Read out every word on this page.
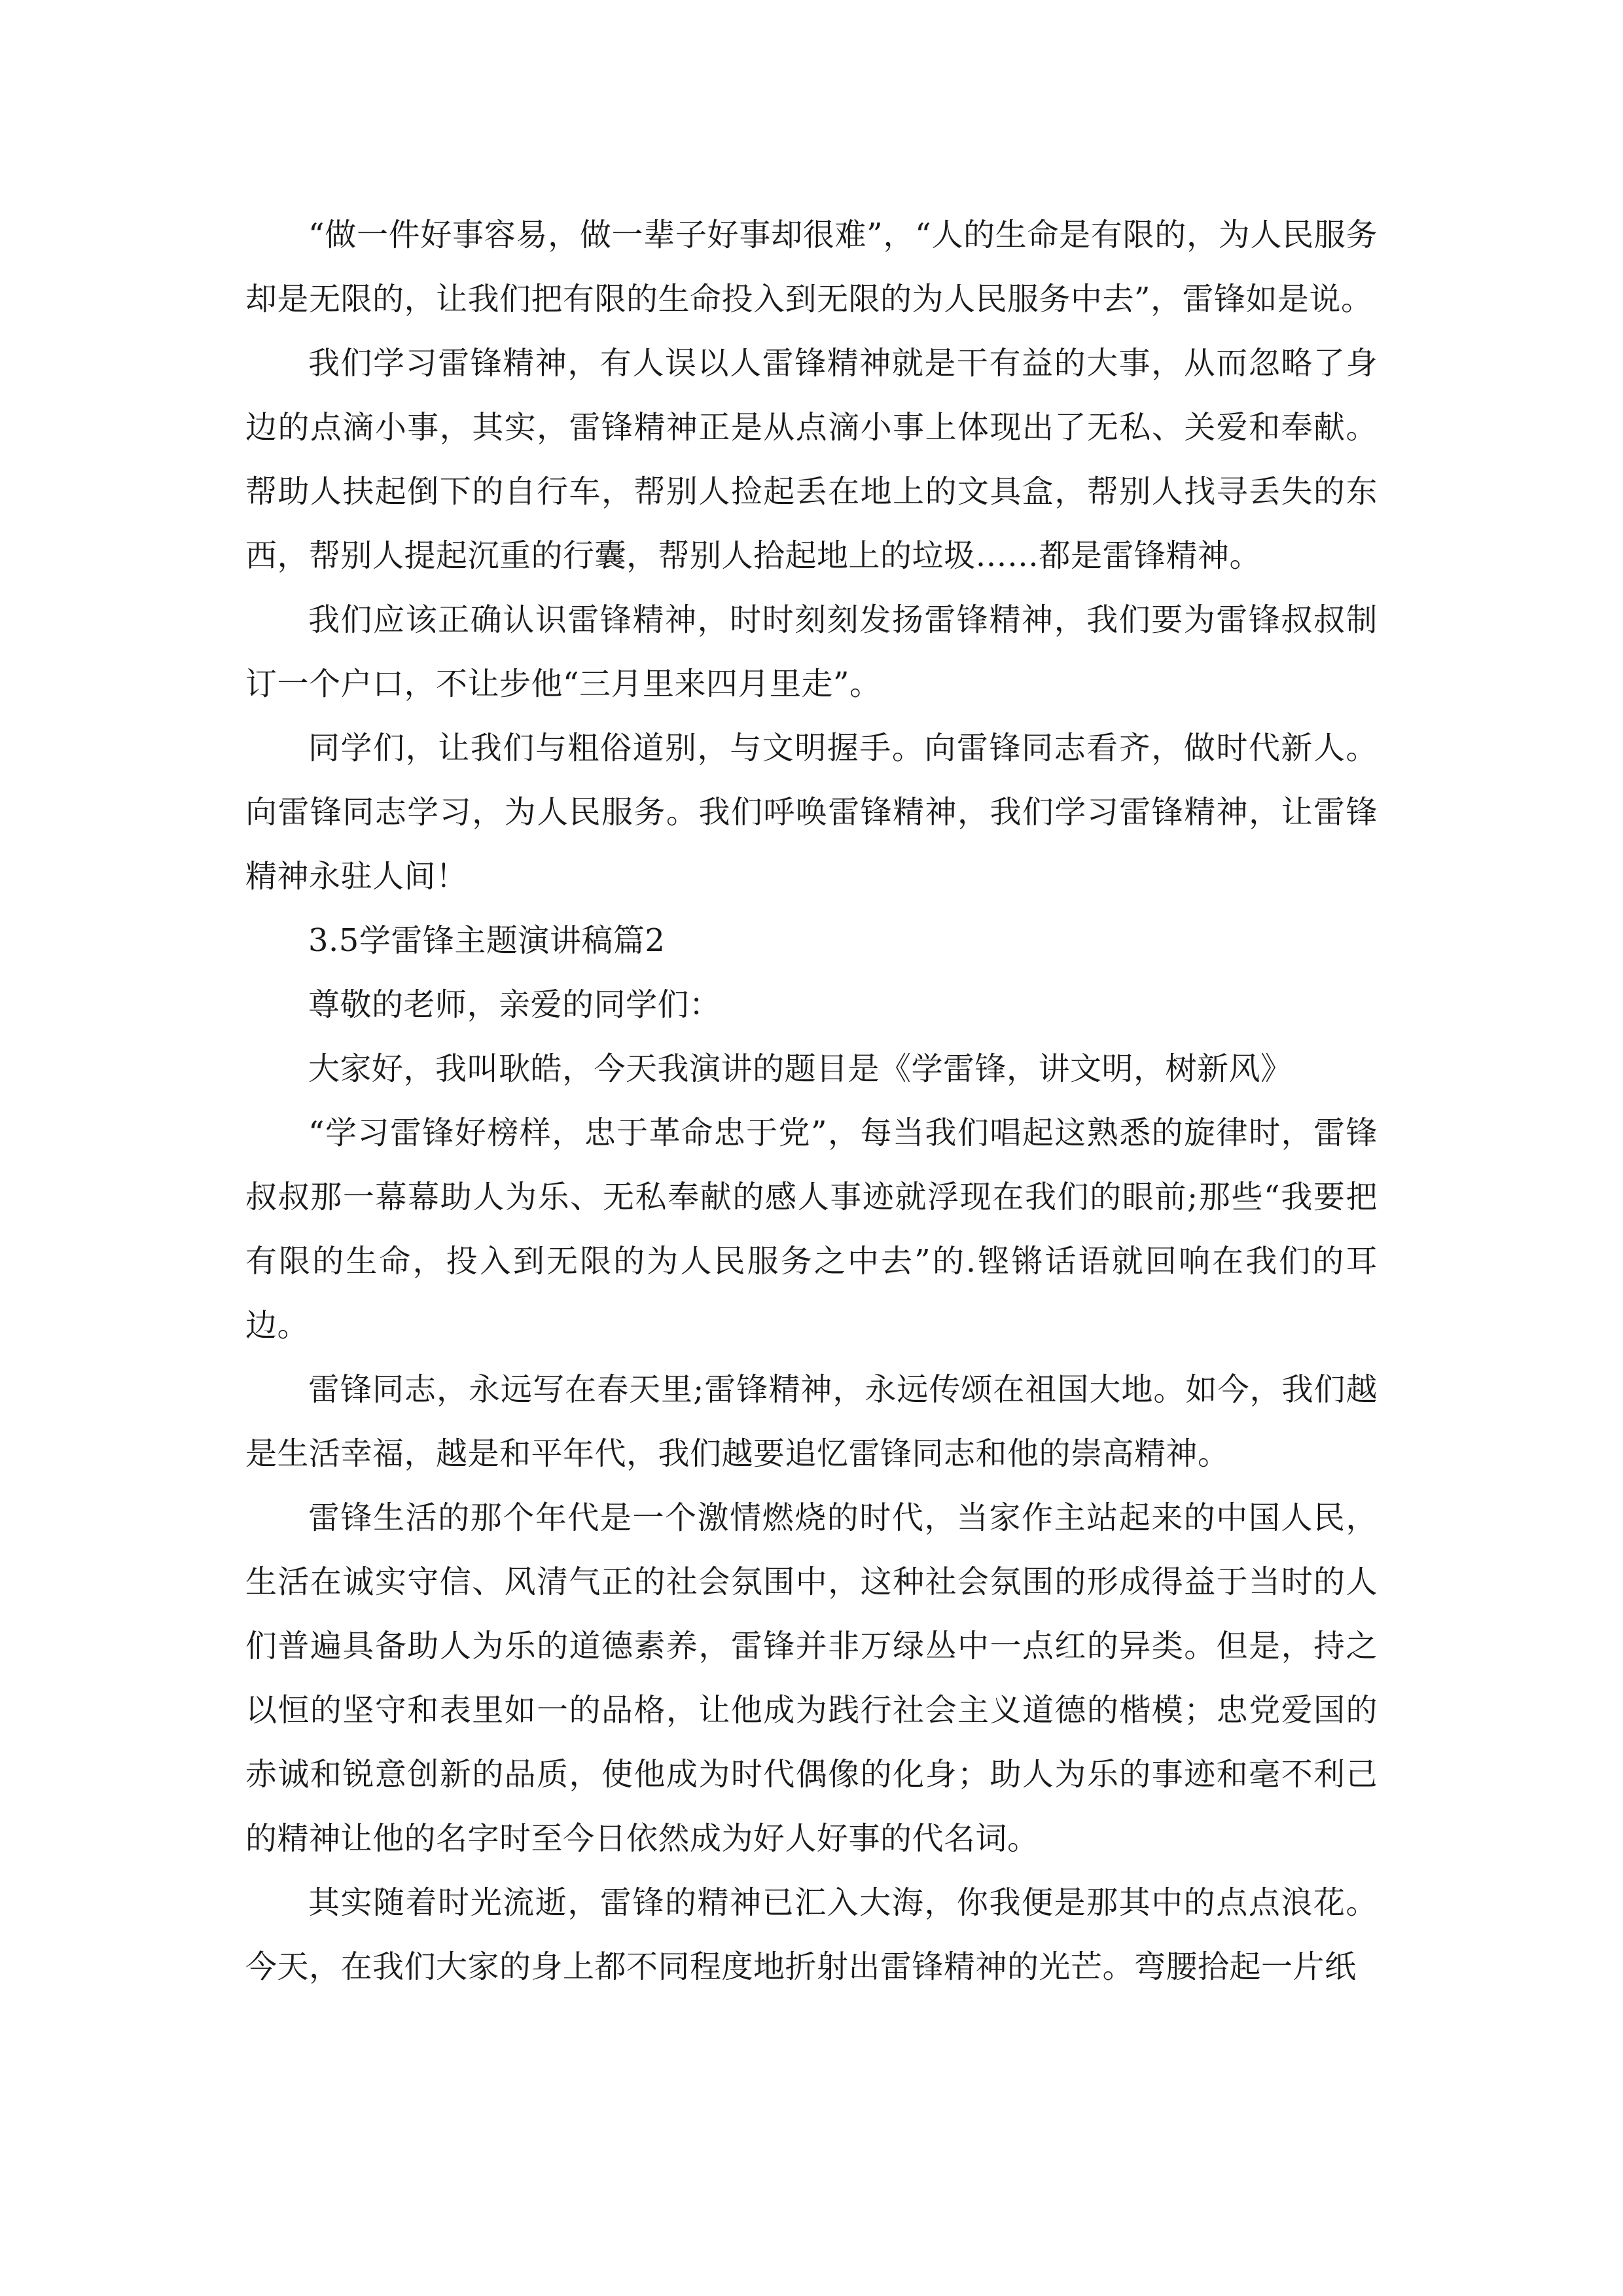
“做一件好事容易，做一辈子好事却很难”，“人的生命是有限的，为人民服务却是无限的，让我们把有限的生命投入到无限的为人民服务中去”，雷锋如是说。

我们学习雷锋精神，有人误以人雷锋精神就是干有益的大事，从而忽略了身边的点滴小事，其实，雷锋精神正是从点滴小事上体现出了无私、关爱和奉献。帮助人扶起倒下的自行车，帮别人捡起丢在地上的文具盒，帮别人找寻丢失的东西，帮别人提起沉重的行囊，帮别人拾起地上的垃圾……都是雷锋精神。

我们应该正确认识雷锋精神，时时刻刻发扬雷锋精神，我们要为雷锋叔叔制订一个户口，不让步他“三月里来四月里走”。

同学们，让我们与粗俗道别，与文明握手。向雷锋同志看齐，做时代新人。向雷锋同志学习，为人民服务。我们呼唤雷锋精神，我们学习雷锋精神，让雷锋精神永驻人间！

3.5学雷锋主题演讲稿篇2

尊敬的老师，亲爱的同学们：

大家好，我叫耿皓，今天我演讲的题目是《学雷锋，讲文明，树新风》

“学习雷锋好榜样，忠于革命忠于党”，每当我们唱起这熟悉的旋律时，雷锋叔叔那一幕幕助人为乐、无私奉献的感人事迹就浮现在我们的眼前;那些“我要把有限的生命，投入到无限的为人民服务之中去”的.铿锵话语就回响在我们的耳边。

雷锋同志，永远写在春天里;雷锋精神，永远传颂在祖国大地。如今，我们越是生活幸福，越是和平年代，我们越要追忆雷锋同志和他的崇高精神。

雷锋生活的那个年代是一个激情燃烧的时代，当家作主站起来的中国人民，生活在诚实守信、风清气正的社会氛围中，这种社会氛围的形成得益于当时的人们普遍具备助人为乐的道德素养，雷锋并非万绿丛中一点红的异类。但是，持之以恒的坚守和表里如一的品格，让他成为践行社会主义道德的楷模；忠党爱国的赤诚和锐意创新的品质，使他成为时代偶像的化身；助人为乐的事迹和毫不利己的精神让他的名字时至今日依然成为好人好事的代名词。

其实随着时光流逝，雷锋的精神已汇入大海，你我便是那其中的点点浪花。今天，在我们大家的身上都不同程度地折射出雷锋精神的光芒。弯腰拾起一片纸
